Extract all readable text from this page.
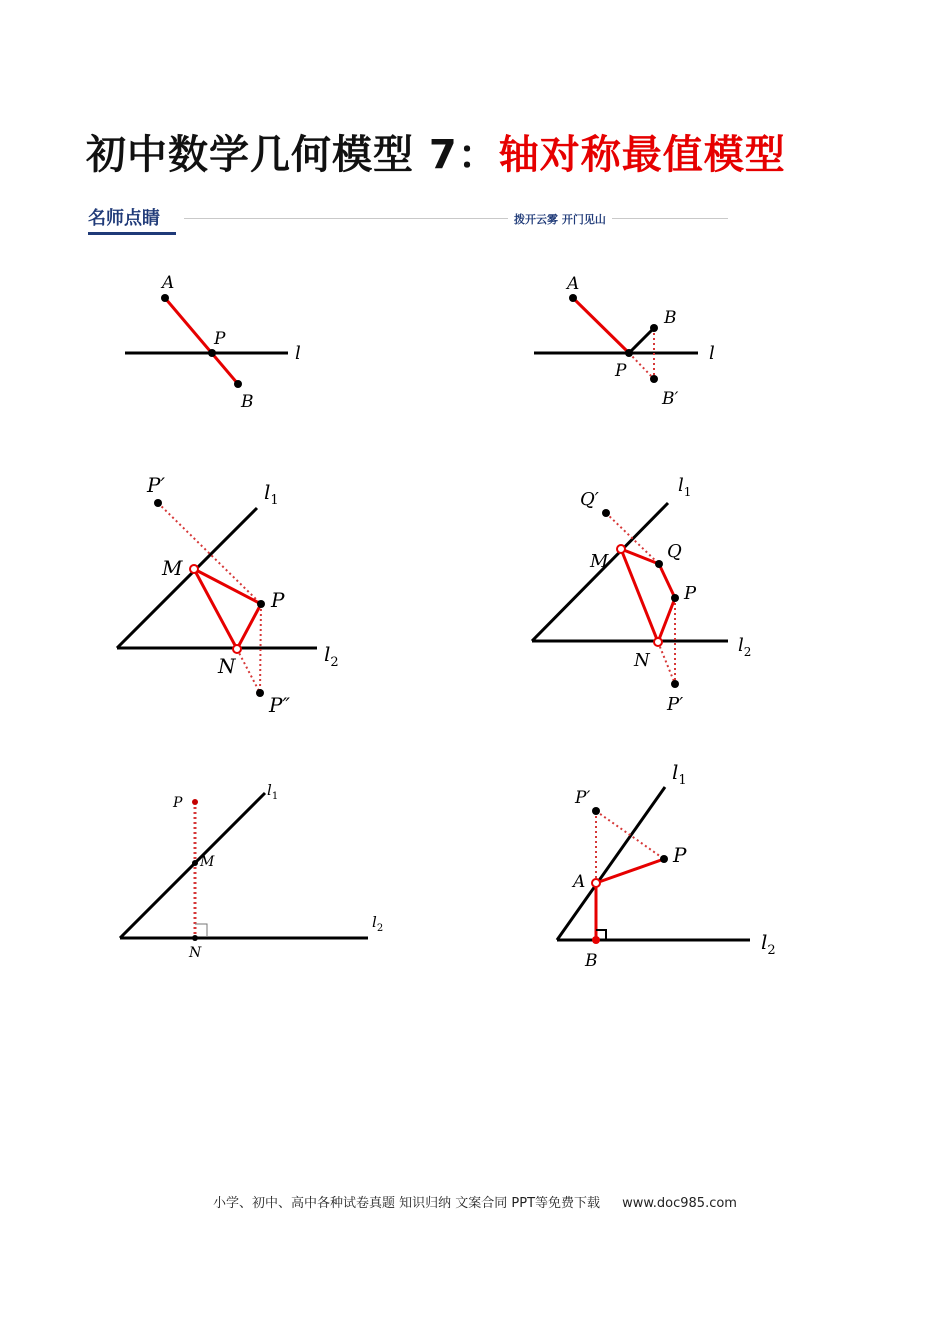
初中数学几何模型 7：轴对称最值模型
名师点睛	拨开云雾 开门见山
A
P
B
l
A
B
P
B′
l
P′	$l_1$
M
P
N	$l_2$
P″
$l_1$
Q′
M	Q
P
N
$l_2$
P′
P
$l_1$
M
$l_2$
N
$l_1$
P′
P
A
$l_2$
B
小学、初中、高中各种试卷真题 知识归纳 文案合同 PPT等免费下载 www.doc985.com
